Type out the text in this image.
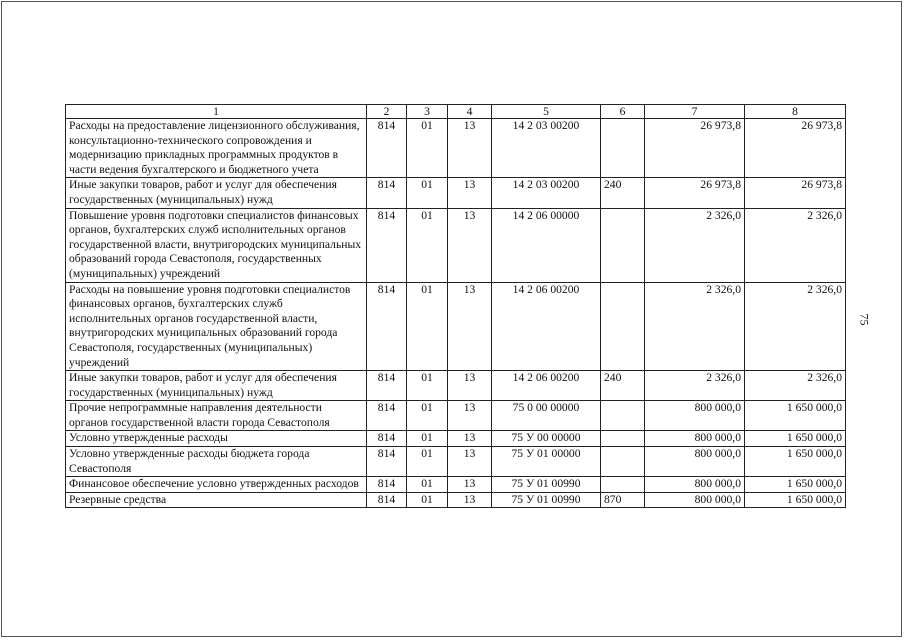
1	2	3	4	5	6	7	8
Расходы на предоставление лицензионного обслуживания, консультационно-технического сопровождения и модернизацию прикладных программных продуктов в части ведения бухгалтерского и бюджетного учета	814	01	13	14 2 03 00200		26 973,8	26 973,8
Иные закупки товаров, работ и услуг для обеспечения государственных (муниципальных) нужд	814	01	13	14 2 03 00200	240	26 973,8	26 973,8
Повышение уровня подготовки специалистов финансовых органов, бухгалтерских служб исполнительных органов государственной власти, внутригородских муниципальных образований города Севастополя, государственных (муниципальных) учреждений	814	01	13	14 2 06 00000		2 326,0	2 326,0
Расходы на повышение уровня подготовки специалистов финансовых органов, бухгалтерских служб исполнительных органов государственной власти, внутригородских муниципальных образований города Севастополя, государственных (муниципальных) учреждений	814	01	13	14 2 06 00200		2 326,0	2 326,0
Иные закупки товаров, работ и услуг для обеспечения государственных (муниципальных) нужд	814	01	13	14 2 06 00200	240	2 326,0	2 326,0
Прочие непрограммные направления деятельности органов государственной власти города Севастополя	814	01	13	75 0 00 00000		800 000,0	1 650 000,0
Условно утвержденные расходы	814	01	13	75 У 00 00000		800 000,0	1 650 000,0
Условно утвержденные расходы бюджета города Севастополя	814	01	13	75 У 01 00000		800 000,0	1 650 000,0
Финансовое обеспечение условно утвержденных расходов	814	01	13	75 У 01 00990		800 000,0	1 650 000,0
Резервные средства	814	01	13	75 У 01 00990	870	800 000,0	1 650 000,0
75
